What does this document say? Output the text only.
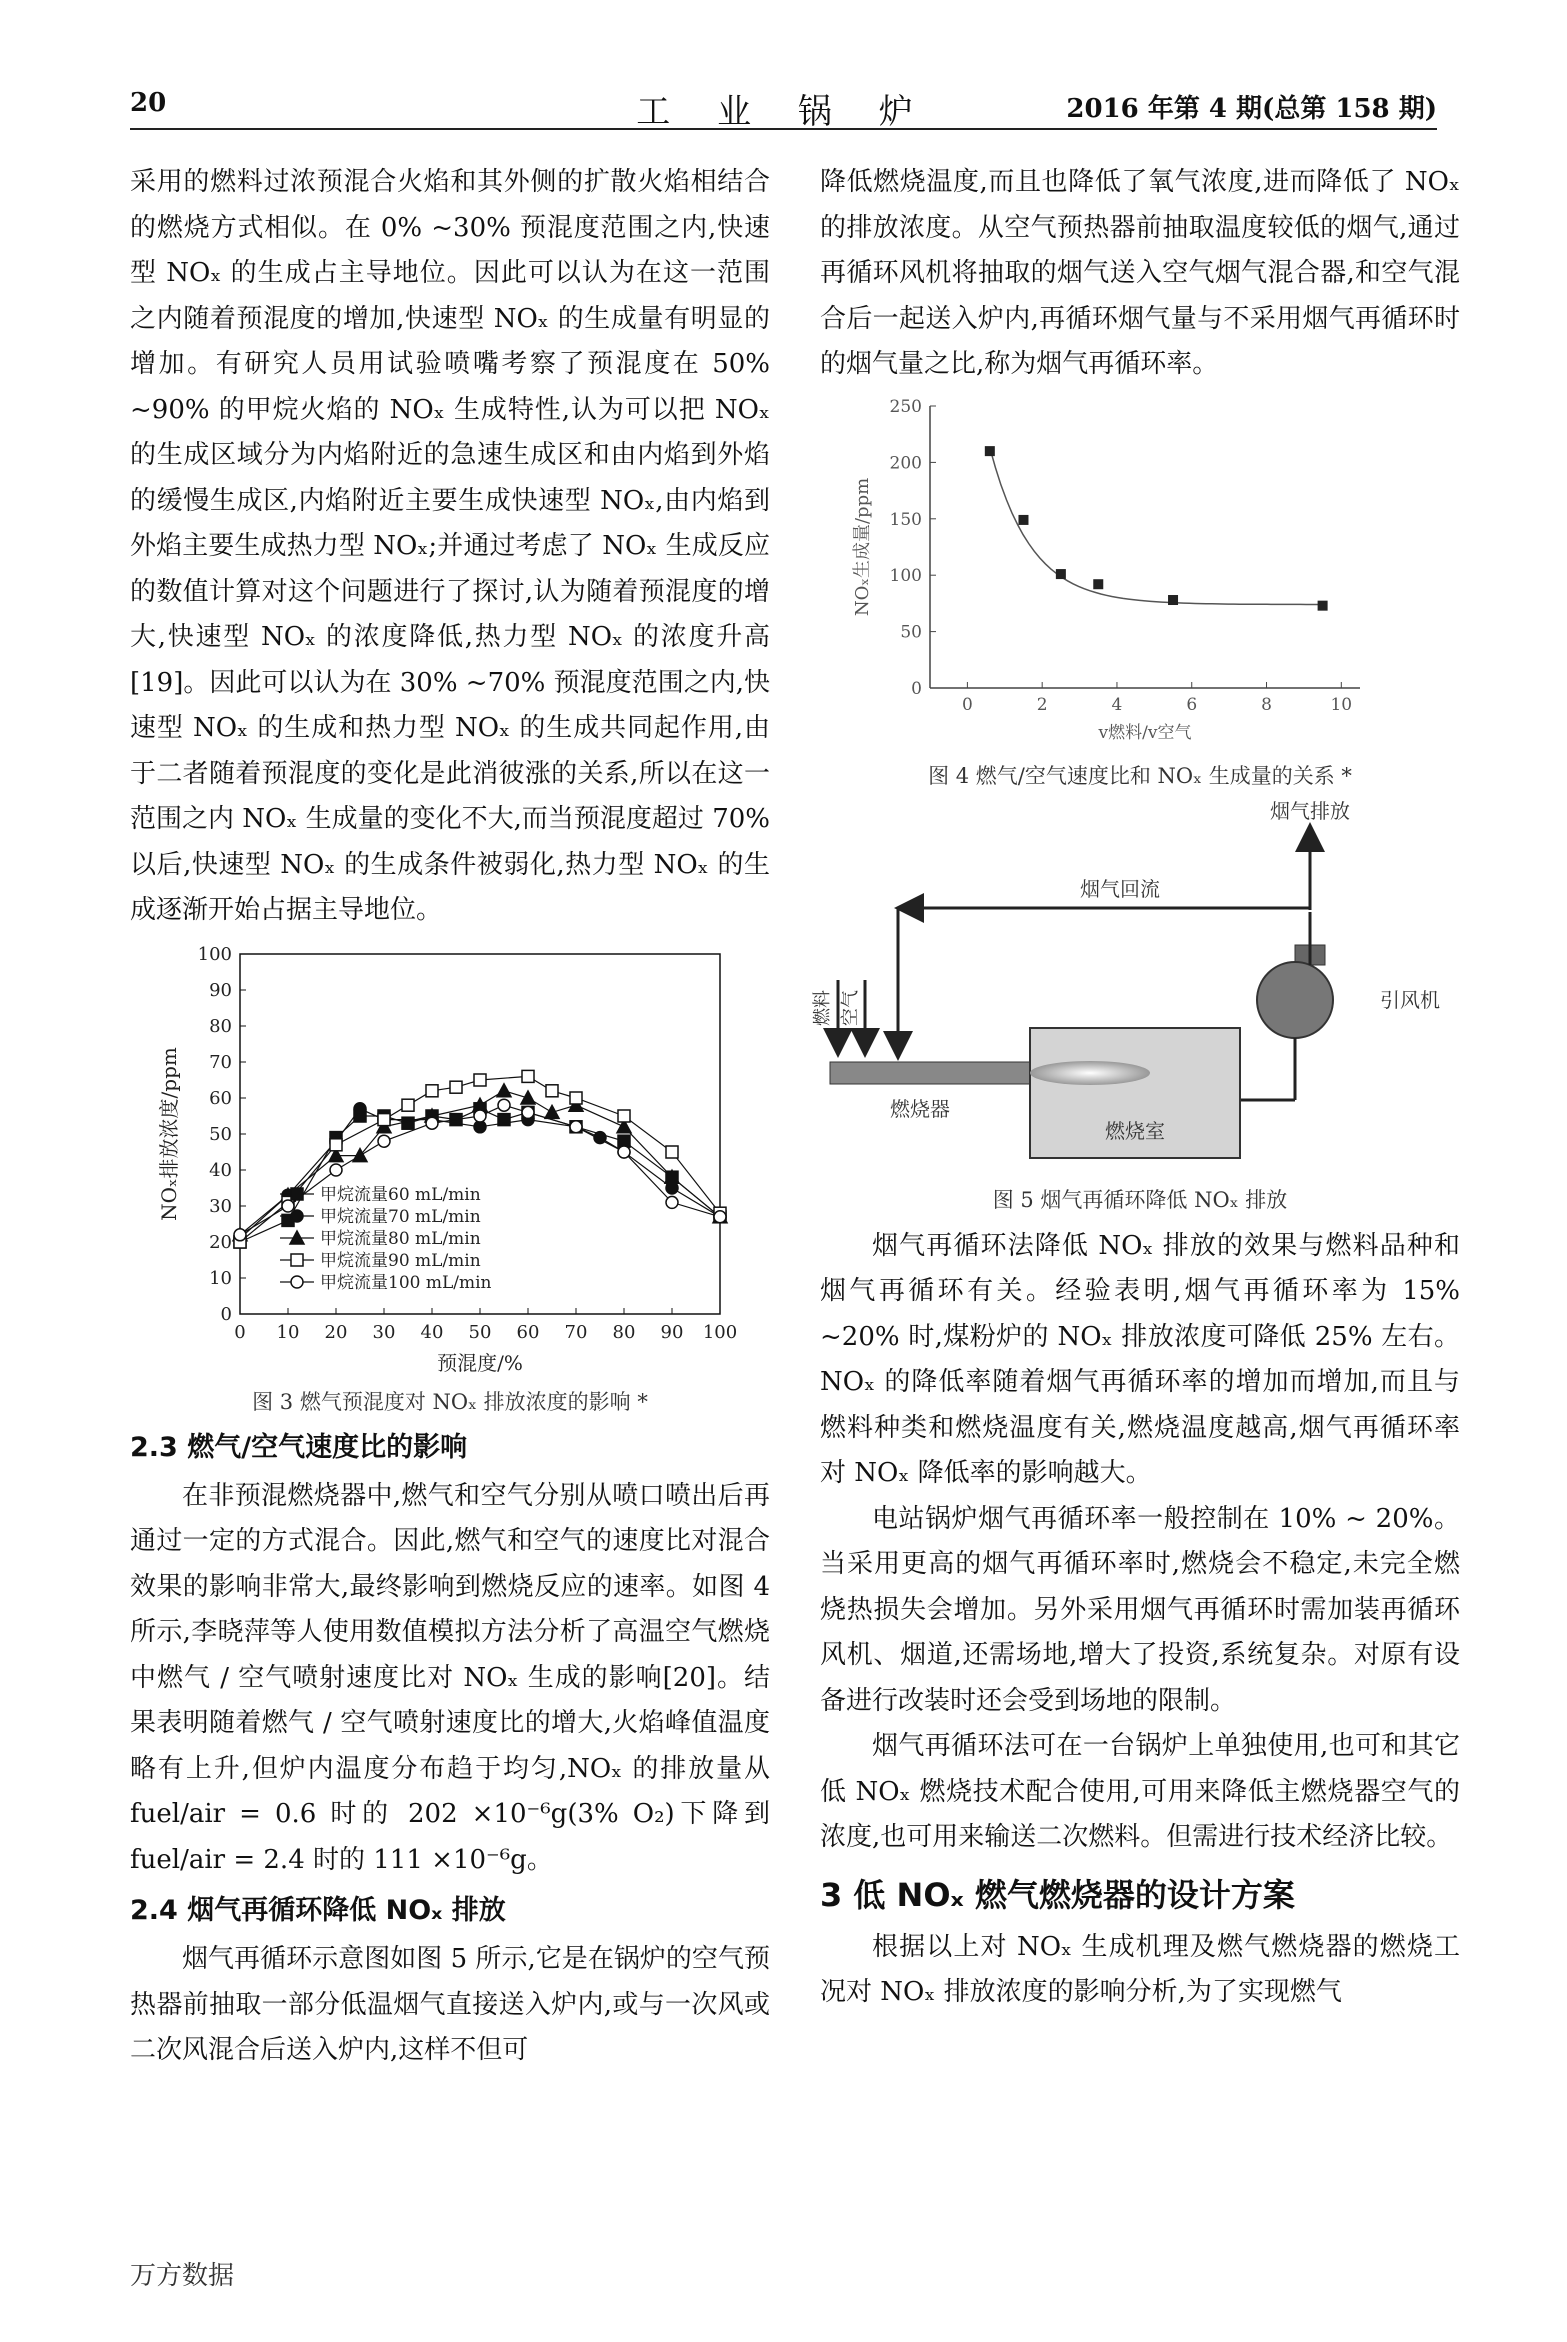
20	工 业 锅 炉	2016 年第 4 期(总第 158 期)

采用的燃料过浓预混合火焰和其外侧的扩散火焰相结合的燃烧方式相似。在 0% ~30% 预混度范围之内,快速型 NOₓ 的生成占主导地位。因此可以认为在这一范围之内随着预混度的增加,快速型 NOₓ 的生成量有明显的增加。有研究人员用试验喷嘴考察了预混度在 50% ~90% 的甲烷火焰的 NOₓ 生成特性,认为可以把 NOₓ 的生成区域分为内焰附近的急速生成区和由内焰到外焰的缓慢生成区,内焰附近主要生成快速型 NOₓ,由内焰到外焰主要生成热力型 NOₓ;并通过考虑了 NOₓ 生成反应的数值计算对这个问题进行了探讨,认为随着预混度的增大,快速型 NOₓ 的浓度降低,热力型 NOₓ 的浓度升高[19]。因此可以认为在 30% ~70% 预混度范围之内,快速型 NOₓ 的生成和热力型 NOₓ 的生成共同起作用,由于二者随着预混度的变化是此消彼涨的关系,所以在这一范围之内 NOₓ 生成量的变化不大,而当预混度超过 70% 以后,快速型 NOₓ 的生成条件被弱化,热力型 NOₓ 的生成逐渐开始占据主导地位。

0 10 20 30 40 50 60 70 80 90 100
0
10
20
30
40
50
60
70
80
90
100
预混度/%
NOₓ排放浓度/ppm	甲烷流量60 mL/min
甲烷流量70 mL/min
甲烷流量80 mL/min
甲烷流量90 mL/min
甲烷流量100 mL/min
图 3 燃气预混度对 NOₓ 排放浓度的影响 *
2.3 燃气/空气速度比的影响

在非预混燃烧器中,燃气和空气分别从喷口喷出后再通过一定的方式混合。因此,燃气和空气的速度比对混合效果的影响非常大,最终影响到燃烧反应的速率。如图 4 所示,李晓萍等人使用数值模拟方法分析了高温空气燃烧中燃气 / 空气喷射速度比对 NOₓ 生成的影响[20]。结果表明随着燃气 / 空气喷射速度比的增大,火焰峰值温度略有上升,但炉内温度分布趋于均匀,NOₓ 的排放量从 fuel/air = 0.6 时的 202 ×10⁻⁶g(3% O₂)下降到 fuel/air = 2.4 时的 111 ×10⁻⁶g。

2.4 烟气再循环降低 NOₓ 排放

烟气再循环示意图如图 5 所示,它是在锅炉的空气预热器前抽取一部分低温烟气直接送入炉内,或与一次风或二次风混合后送入炉内,这样不但可

降低燃烧温度,而且也降低了氧气浓度,进而降低了 NOₓ 的排放浓度。从空气预热器前抽取温度较低的烟气,通过再循环风机将抽取的烟气送入空气烟气混合器,和空气混合后一起送入炉内,再循环烟气量与不采用烟气再循环时的烟气量之比,称为烟气再循环率。

0	2	4	6	8	10
0
50
100
150
200
250
v燃料/v空气
NOₓ生成量/ppm
图 4 燃气/空气速度比和 NOₓ 生成量的关系 *
烟气排放
烟气回流
引风机
燃料 空气
燃烧器
燃烧室
图 5 烟气再循环降低 NOₓ 排放

烟气再循环法降低 NOₓ 排放的效果与燃料品种和烟气再循环有关。经验表明,烟气再循环率为 15% ~20% 时,煤粉炉的 NOₓ 排放浓度可降低 25% 左右。NOₓ 的降低率随着烟气再循环率的增加而增加,而且与燃料种类和燃烧温度有关,燃烧温度越高,烟气再循环率对 NOₓ 降低率的影响越大。

电站锅炉烟气再循环率一般控制在 10% ~ 20%。当采用更高的烟气再循环率时,燃烧会不稳定,未完全燃烧热损失会增加。另外采用烟气再循环时需加装再循环风机、烟道,还需场地,增大了投资,系统复杂。对原有设备进行改装时还会受到场地的限制。

烟气再循环法可在一台锅炉上单独使用,也可和其它低 NOₓ 燃烧技术配合使用,可用来降低主燃烧器空气的浓度,也可用来输送二次燃料。但需进行技术经济比较。

3 低 NOₓ 燃气燃烧器的设计方案

根据以上对 NOₓ 生成机理及燃气燃烧器的燃烧工况对 NOₓ 排放浓度的影响分析,为了实现燃气

万方数据
